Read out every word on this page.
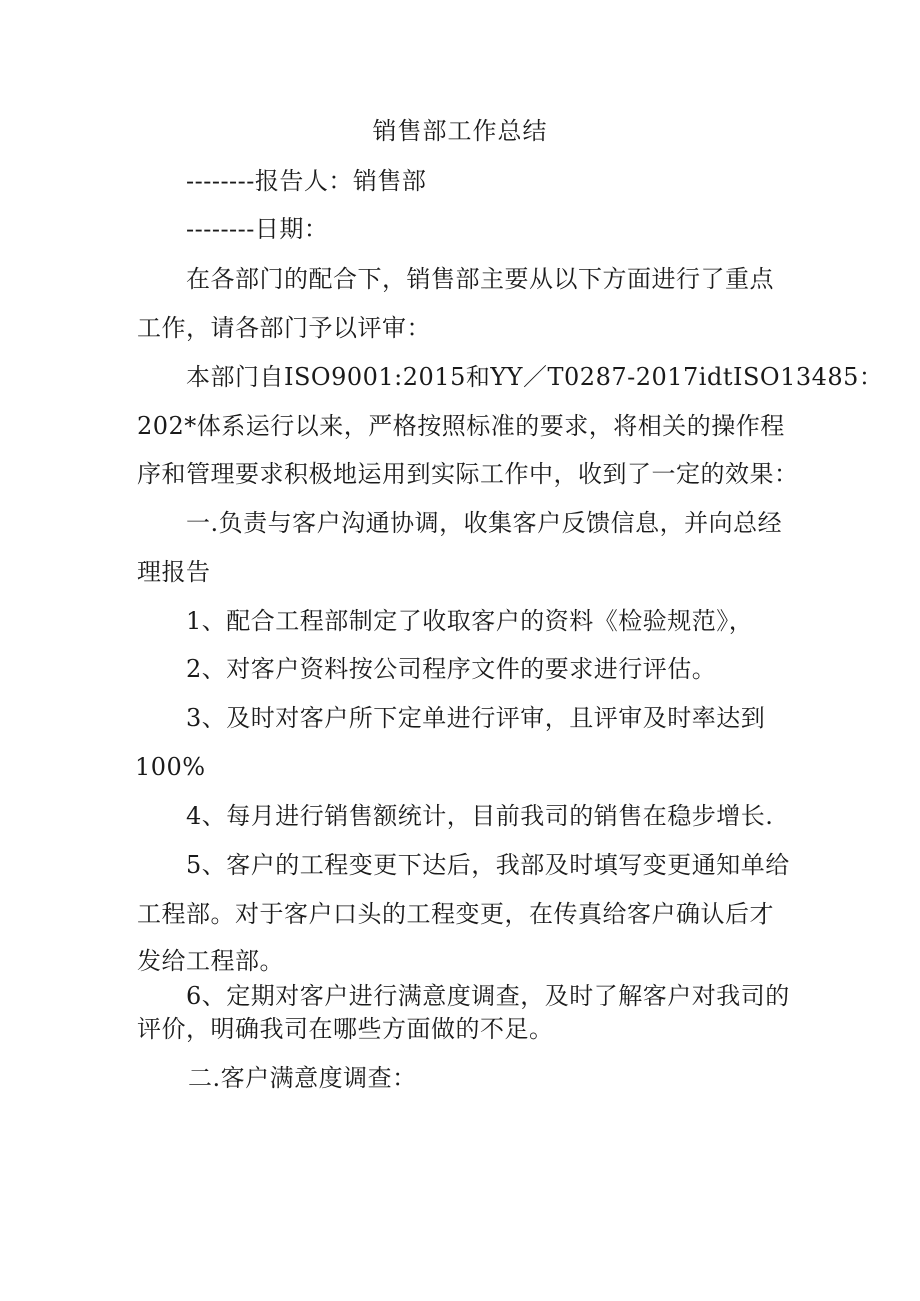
销售部工作总结
--------报告人：销售部
--------日期：
在各部门的配合下，销售部主要从以下方面进行了重点
工作，请各部门予以评审：
本部门自ISO9001:2015和YY／T0287-2017idtISO13485：
202*体系运行以来，严格按照标准的要求，将相关的操作程
序和管理要求积极地运用到实际工作中，收到了一定的效果：
一.负责与客户沟通协调，收集客户反馈信息，并向总经
理报告
1、配合工程部制定了收取客户的资料《检验规范》，
2、对客户资料按公司程序文件的要求进行评估。
3、及时对客户所下定单进行评审，且评审及时率达到
100%
4、每月进行销售额统计，目前我司的销售在稳步增长.
5、客户的工程变更下达后，我部及时填写变更通知单给
工程部。对于客户口头的工程变更，在传真给客户确认后才
发给工程部。
6、定期对客户进行满意度调查，及时了解客户对我司的
评价，明确我司在哪些方面做的不足。
二.客户满意度调查：
